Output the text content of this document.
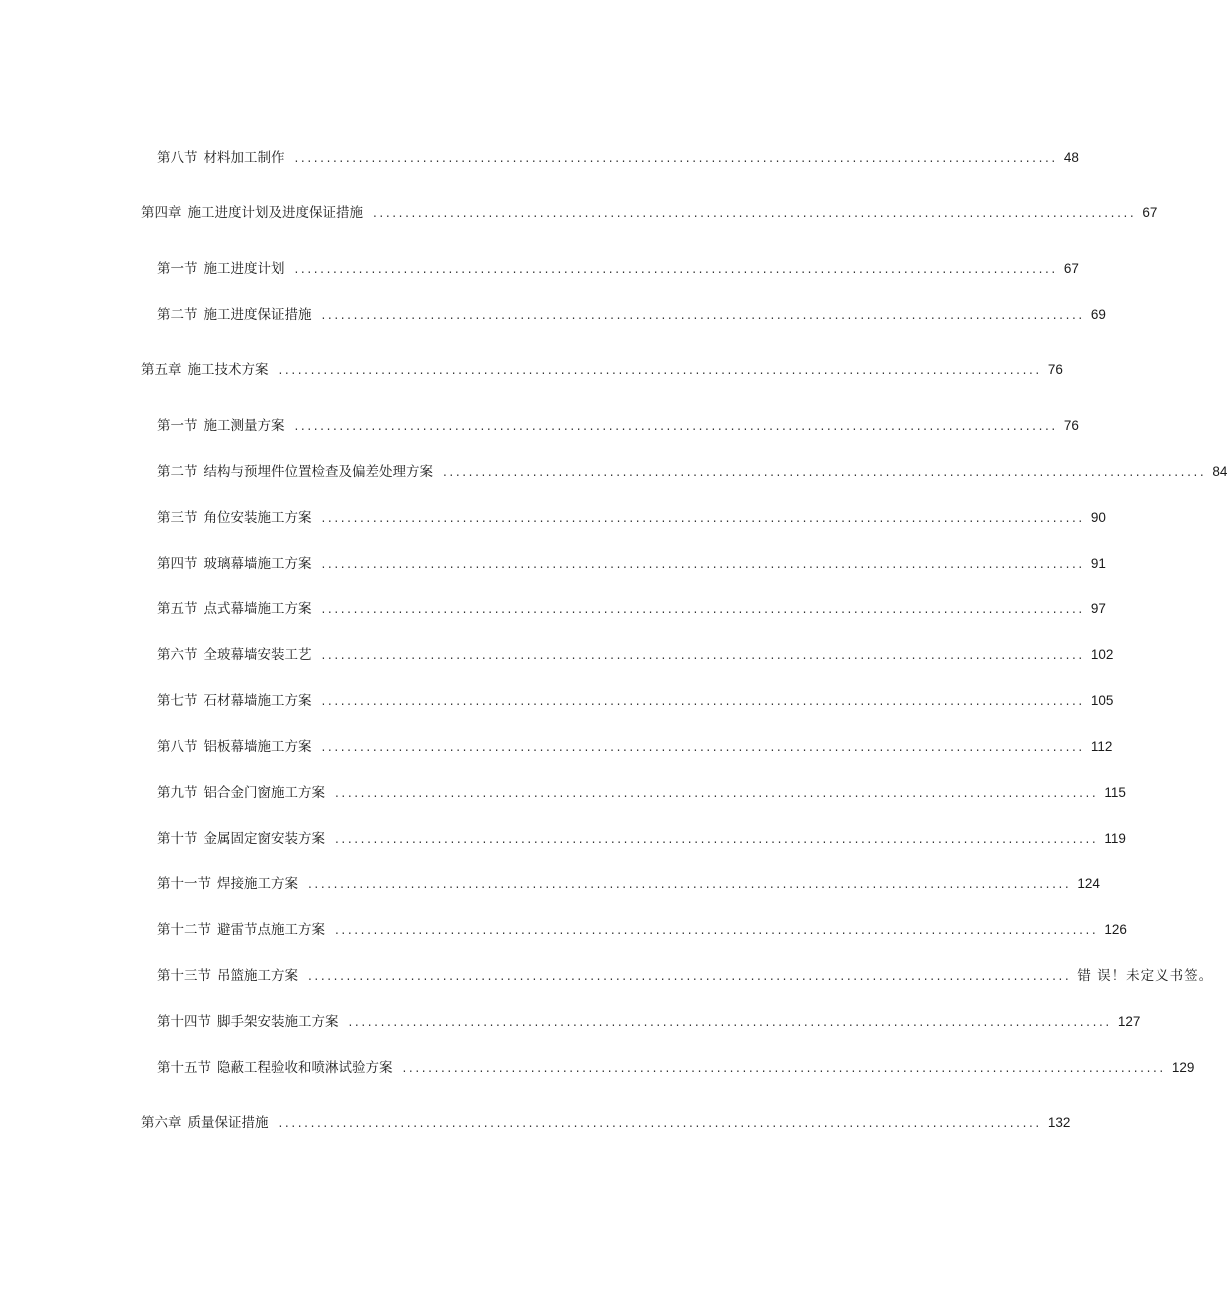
第八节 材料加工制作 ....................................................................................................................... 48
第四章 施工进度计划及进度保证措施 ....................................................................................................................... 67
第一节 施工进度计划 ....................................................................................................................... 67
第二节 施工进度保证措施 ....................................................................................................................... 69
第五章 施工技术方案 ....................................................................................................................... 76
第一节 施工测量方案 ....................................................................................................................... 76
第二节 结构与预埋件位置检查及偏差处理方案 ....................................................................................................................... 84
第三节 角位安装施工方案 ....................................................................................................................... 90
第四节 玻璃幕墙施工方案 ....................................................................................................................... 91
第五节 点式幕墙施工方案 ....................................................................................................................... 97
第六节 全玻幕墙安装工艺 ....................................................................................................................... 102
第七节 石材幕墙施工方案 ....................................................................................................................... 105
第八节 铝板幕墙施工方案 ....................................................................................................................... 112
第九节 铝合金门窗施工方案 ....................................................................................................................... 115
第十节 金属固定窗安装方案 ....................................................................................................................... 119
第十一节 焊接施工方案 ....................................................................................................................... 124
第十二节 避雷节点施工方案 ....................................................................................................................... 126
第十三节 吊篮施工方案 ....................................................................................................................... 错 误！未定义书签。
第十四节 脚手架安装施工方案 ....................................................................................................................... 127
第十五节 隐蔽工程验收和喷淋试验方案 ....................................................................................................................... 129
第六章 质量保证措施 ....................................................................................................................... 132
